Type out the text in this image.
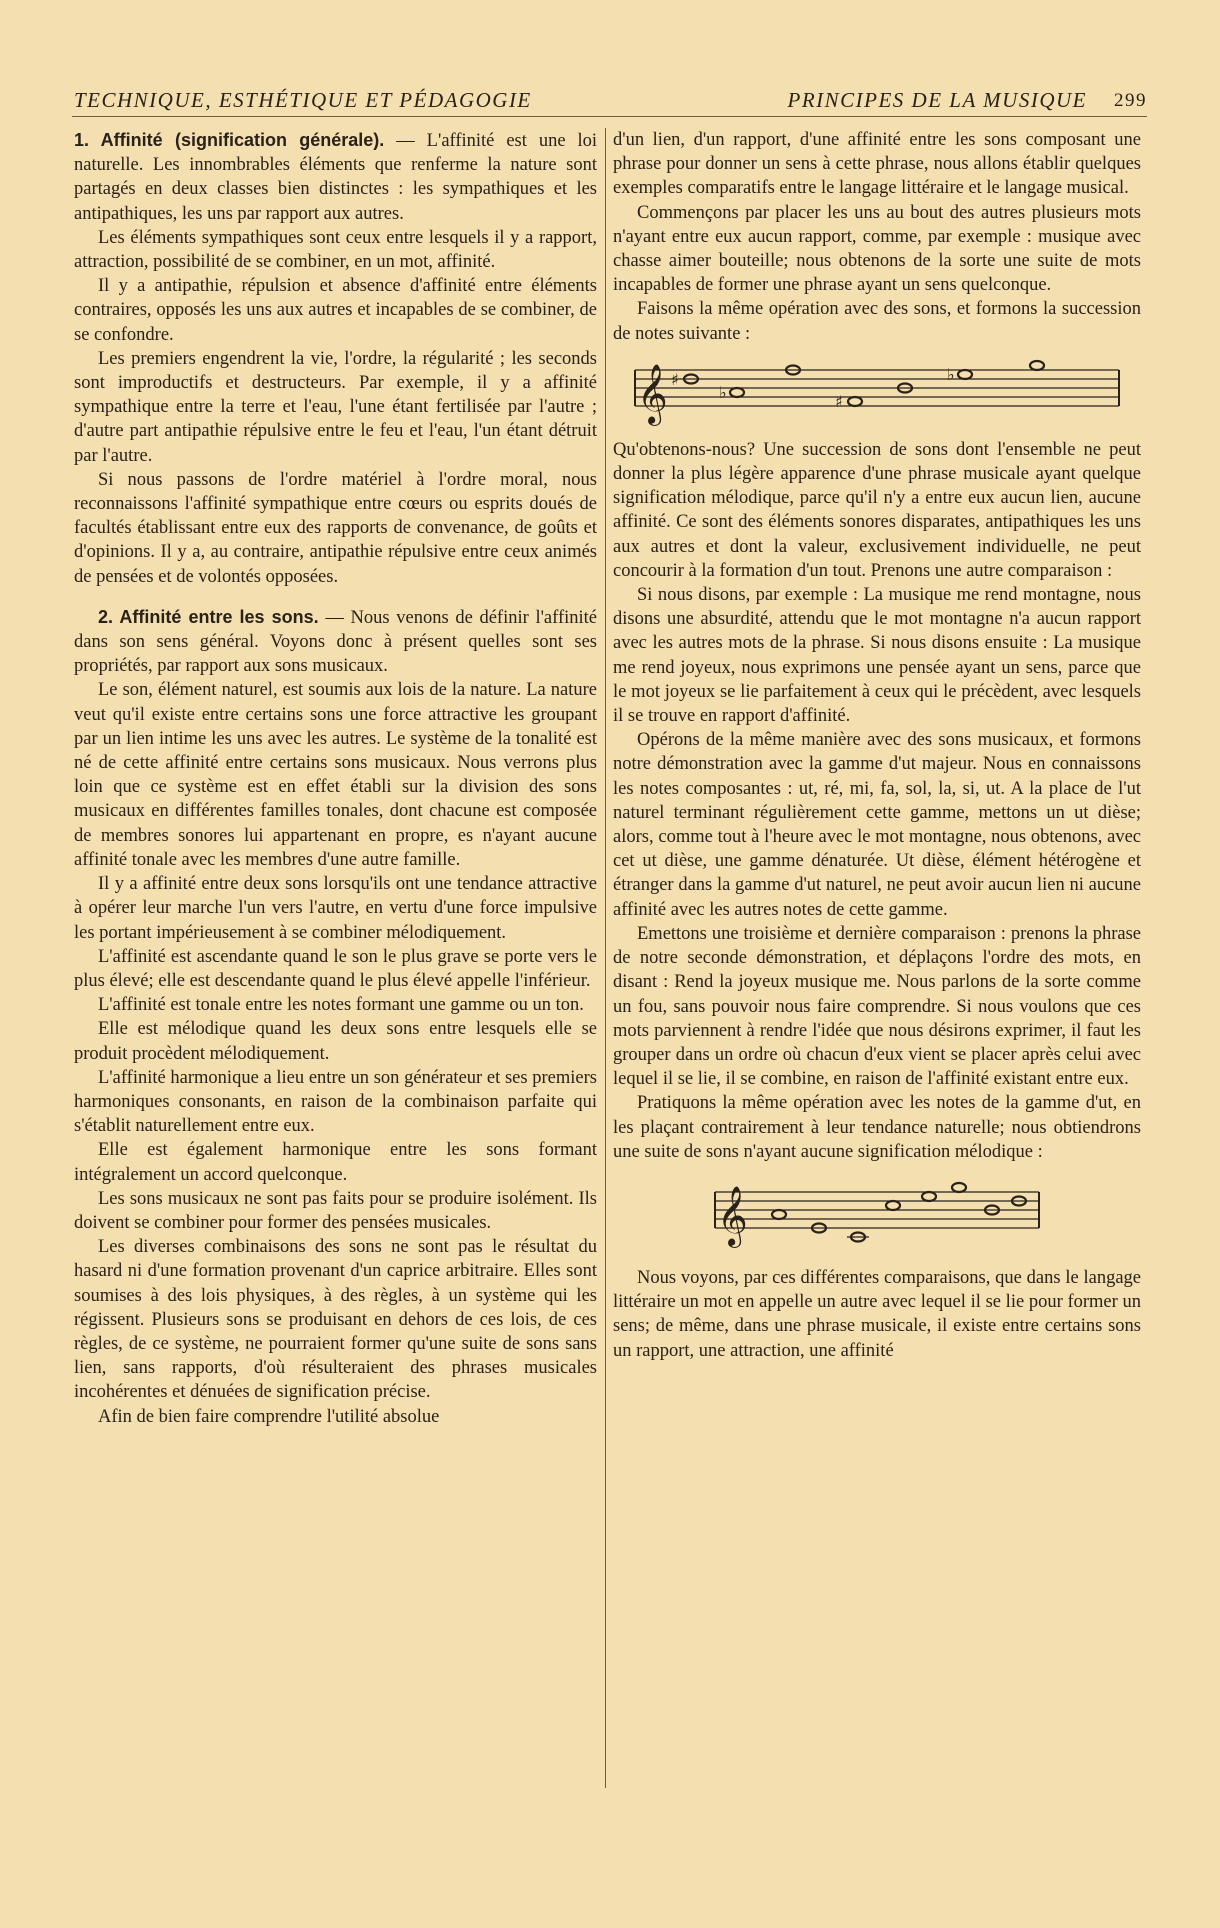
TECHNIQUE, ESTHÉTIQUE ET PÉDAGOGIE	PRINCIPES DE LA MUSIQUE 299

1. Affinité (signification générale). — L'affinité est une loi naturelle. Les innombrables éléments que renferme la nature sont partagés en deux classes bien distinctes : les sympathiques et les antipathiques, les uns par rapport aux autres.

Les éléments sympathiques sont ceux entre lesquels il y a rapport, attraction, possibilité de se combiner, en un mot, affinité.

Il y a antipathie, répulsion et absence d'affinité entre éléments contraires, opposés les uns aux autres et incapables de se combiner, de se confondre.

Les premiers engendrent la vie, l'ordre, la régularité ; les seconds sont improductifs et destructeurs. Par exemple, il y a affinité sympathique entre la terre et l'eau, l'une étant fertilisée par l'autre ; d'autre part antipathie répulsive entre le feu et l'eau, l'un étant détruit par l'autre.

Si nous passons de l'ordre matériel à l'ordre moral, nous reconnaissons l'affinité sympathique entre cœurs ou esprits doués de facultés établissant entre eux des rapports de convenance, de goûts et d'opinions. Il y a, au contraire, antipathie répulsive entre ceux animés de pensées et de volontés opposées.

2. Affinité entre les sons. — Nous venons de définir l'affinité dans son sens général. Voyons donc à présent quelles sont ses propriétés, par rapport aux sons musicaux.

Le son, élément naturel, est soumis aux lois de la nature. La nature veut qu'il existe entre certains sons une force attractive les groupant par un lien intime les uns avec les autres. Le système de la tonalité est né de cette affinité entre certains sons musicaux. Nous verrons plus loin que ce système est en effet établi sur la division des sons musicaux en différentes familles tonales, dont chacune est composée de membres sonores lui appartenant en propre, es n'ayant aucune affinité tonale avec les membres d'une autre famille.

Il y a affinité entre deux sons lorsqu'ils ont une tendance attractive à opérer leur marche l'un vers l'autre, en vertu d'une force impulsive les portant impérieusement à se combiner mélodiquement.

L'affinité est ascendante quand le son le plus grave se porte vers le plus élevé; elle est descendante quand le plus élevé appelle l'inférieur.

L'affinité est tonale entre les notes formant une gamme ou un ton.

Elle est mélodique quand les deux sons entre lesquels elle se produit procèdent mélodiquement.

L'affinité harmonique a lieu entre un son générateur et ses premiers harmoniques consonants, en raison de la combinaison parfaite qui s'établit naturellement entre eux.

Elle est également harmonique entre les sons formant intégralement un accord quelconque.

Les sons musicaux ne sont pas faits pour se produire isolément. Ils doivent se combiner pour former des pensées musicales.

Les diverses combinaisons des sons ne sont pas le résultat du hasard ni d'une formation provenant d'un caprice arbitraire. Elles sont soumises à des lois physiques, à des règles, à un système qui les régissent. Plusieurs sons se produisant en dehors de ces lois, de ces règles, de ce système, ne pourraient former qu'une suite de sons sans lien, sans rapports, d'où résulteraient des phrases musicales incohérentes et dénuées de signification précise.

Afin de bien faire comprendre l'utilité absolue

d'un lien, d'un rapport, d'une affinité entre les sons composant une phrase pour donner un sens à cette phrase, nous allons établir quelques exemples comparatifs entre le langage littéraire et le langage musical.

Commençons par placer les uns au bout des autres plusieurs mots n'ayant entre eux aucun rapport, comme, par exemple : musique avec chasse aimer bouteille; nous obtenons de la sorte une suite de mots incapables de former une phrase ayant un sens quelconque.

Faisons la même opération avec des sons, et formons la succession de notes suivante :

𝄞 ♯
♭	♯
♭

Qu'obtenons-nous? Une succession de sons dont l'ensemble ne peut donner la plus légère apparence d'une phrase musicale ayant quelque signification mélodique, parce qu'il n'y a entre eux aucun lien, aucune affinité. Ce sont des éléments sonores disparates, antipathiques les uns aux autres et dont la valeur, exclusivement individuelle, ne peut concourir à la formation d'un tout. Prenons une autre comparaison :

Si nous disons, par exemple : La musique me rend montagne, nous disons une absurdité, attendu que le mot montagne n'a aucun rapport avec les autres mots de la phrase. Si nous disons ensuite : La musique me rend joyeux, nous exprimons une pensée ayant un sens, parce que le mot joyeux se lie parfaitement à ceux qui le précèdent, avec lesquels il se trouve en rapport d'affinité.

Opérons de la même manière avec des sons musicaux, et formons notre démonstration avec la gamme d'ut majeur. Nous en connaissons les notes composantes : ut, ré, mi, fa, sol, la, si, ut. A la place de l'ut naturel terminant régulièrement cette gamme, mettons un ut dièse; alors, comme tout à l'heure avec le mot montagne, nous obtenons, avec cet ut dièse, une gamme dénaturée. Ut dièse, élément hétérogène et étranger dans la gamme d'ut naturel, ne peut avoir aucun lien ni aucune affinité avec les autres notes de cette gamme.

Emettons une troisième et dernière comparaison : prenons la phrase de notre seconde démonstration, et déplaçons l'ordre des mots, en disant : Rend la joyeux musique me. Nous parlons de la sorte comme un fou, sans pouvoir nous faire comprendre. Si nous voulons que ces mots parviennent à rendre l'idée que nous désirons exprimer, il faut les grouper dans un ordre où chacun d'eux vient se placer après celui avec lequel il se lie, il se combine, en raison de l'affinité existant entre eux.

Pratiquons la même opération avec les notes de la gamme d'ut, en les plaçant contrairement à leur tendance naturelle; nous obtiendrons une suite de sons n'ayant aucune signification mélodique :

𝄞

Nous voyons, par ces différentes comparaisons, que dans le langage littéraire un mot en appelle un autre avec lequel il se lie pour former un sens; de même, dans une phrase musicale, il existe entre certains sons un rapport, une attraction, une affinité
